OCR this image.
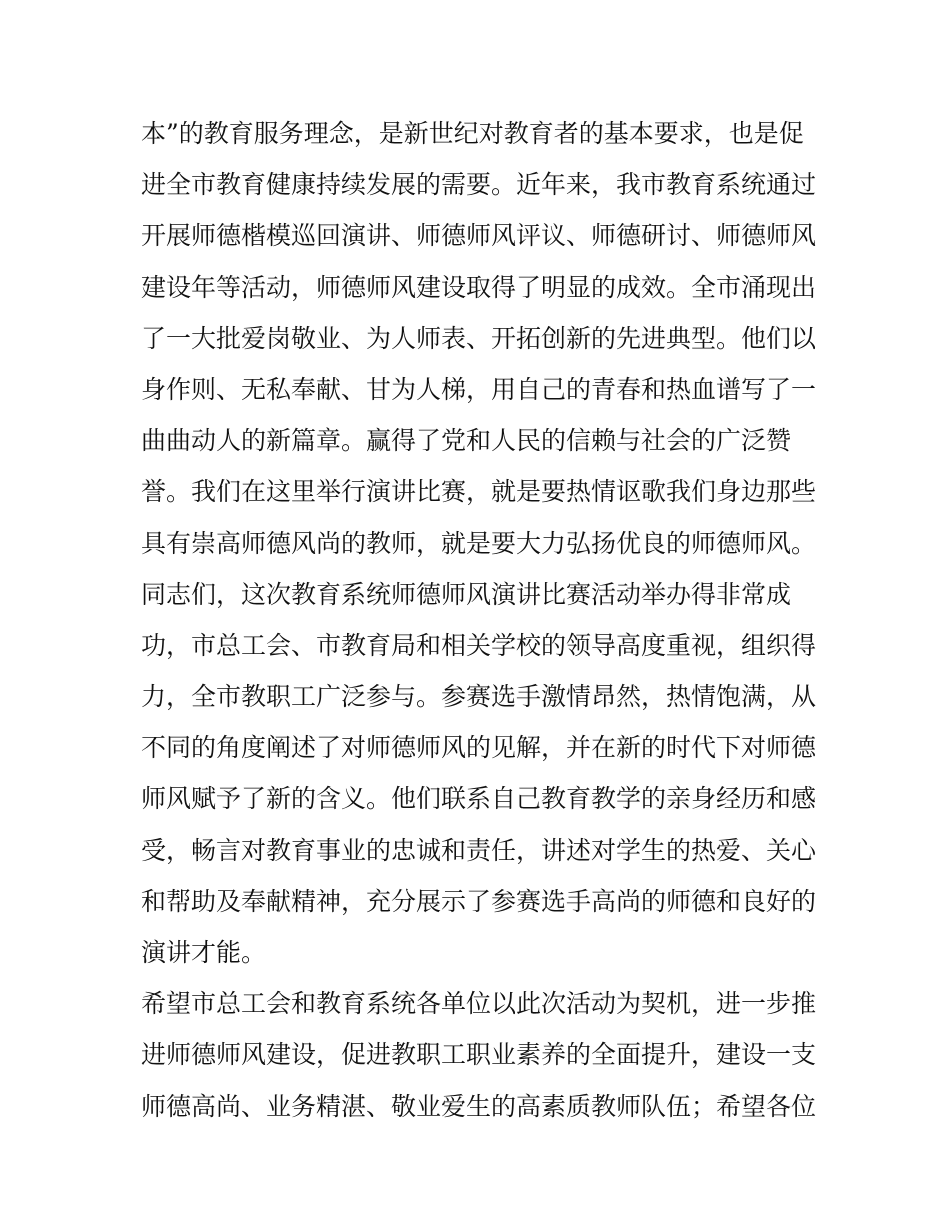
本”的教育服务理念，是新世纪对教育者的基本要求，也是促
进全市教育健康持续发展的需要。近年来，我市教育系统通过
开展师德楷模巡回演讲、师德师风评议、师德研讨、师德师风
建设年等活动，师德师风建设取得了明显的成效。全市涌现出
了一大批爱岗敬业、为人师表、开拓创新的先进典型。他们以
身作则、无私奉献、甘为人梯，用自己的青春和热血谱写了一
曲曲动人的新篇章。赢得了党和人民的信赖与社会的广泛赞
誉。我们在这里举行演讲比赛，就是要热情讴歌我们身边那些
具有崇高师德风尚的教师，就是要大力弘扬优良的师德师风。
同志们，这次教育系统师德师风演讲比赛活动举办得非常成
功，市总工会、市教育局和相关学校的领导高度重视，组织得
力，全市教职工广泛参与。参赛选手激情昂然，热情饱满，从
不同的角度阐述了对师德师风的见解，并在新的时代下对师德
师风赋予了新的含义。他们联系自己教育教学的亲身经历和感
受，畅言对教育事业的忠诚和责任，讲述对学生的热爱、关心
和帮助及奉献精神，充分展示了参赛选手高尚的师德和良好的
演讲才能。
希望市总工会和教育系统各单位以此次活动为契机，进一步推
进师德师风建设，促进教职工职业素养的全面提升，建设一支
师德高尚、业务精湛、敬业爱生的高素质教师队伍；希望各位
